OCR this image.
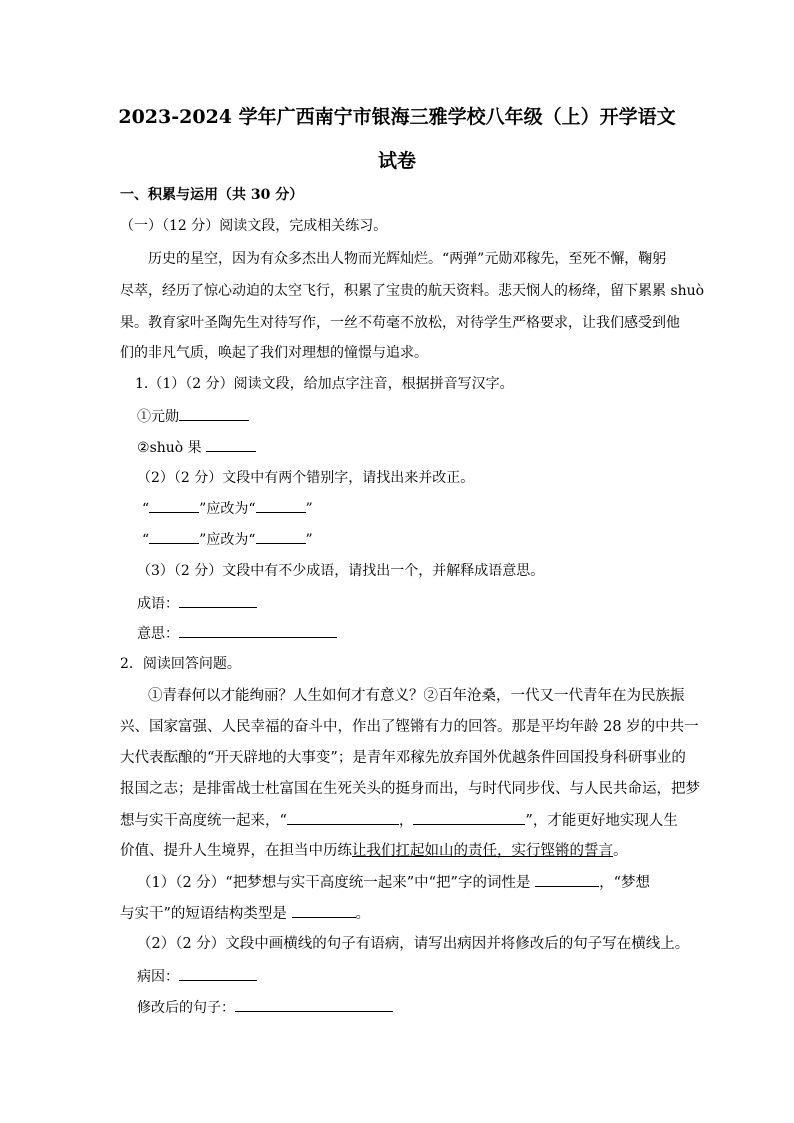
2023-2024 学年广西南宁市银海三雅学校八年级（上）开学语文
试卷
一、积累与运用（共 30 分）
（一）（12 分）阅读文段，完成相关练习。
历史的星空，因为有众多杰出人物而光辉灿烂。“两弹”元勋邓稼先，至死不懈，鞠躬
尽萃，经历了惊心动迫的太空飞行，积累了宝贵的航天资料。悲天悯人的杨绛，留下累累 shuò
果。教育家叶圣陶先生对待写作，一丝不苟毫不放松，对待学生严格要求，让我们感受到他
们的非凡气质，唤起了我们对理想的憧憬与追求。
1.（1）（2 分）阅读文段，给加点字注音，根据拼音写汉字。
①元勋
②shuò 果
（2）（2 分）文段中有两个错别字，请找出来并改正。
“	”应改为“	”
“	”应改为“	”
（3）（2 分）文段中有不少成语，请找出一个，并解释成语意思。
成语：
意思：
2．阅读回答问题。
①青春何以才能绚丽？人生如何才有意义？②百年沧桑，一代又一代青年在为民族振
兴、国家富强、人民幸福的奋斗中，作出了铿锵有力的回答。那是平均年龄 28 岁的中共一
大代表酝酿的“开天辟地的大事变”；是青年邓稼先放弃国外优越条件回国投身科研事业的
报国之志；是排雷战士杜富国在生死关头的挺身而出，与时代同步伐、与人民共命运，把梦
想与实干高度统一起来，“	，	”，才能更好地实现人生
价值、提升人生境界，在担当中历练让我们扛起如山的责任，实行铿锵的誓言。
（1）（2 分）“把梦想与实干高度统一起来”中“把”字的词性是	，“梦想
与实干”的短语结构类型是	。
（2）（2 分）文段中画横线的句子有语病，请写出病因并将修改后的句子写在横线上。
病因：
修改后的句子：
